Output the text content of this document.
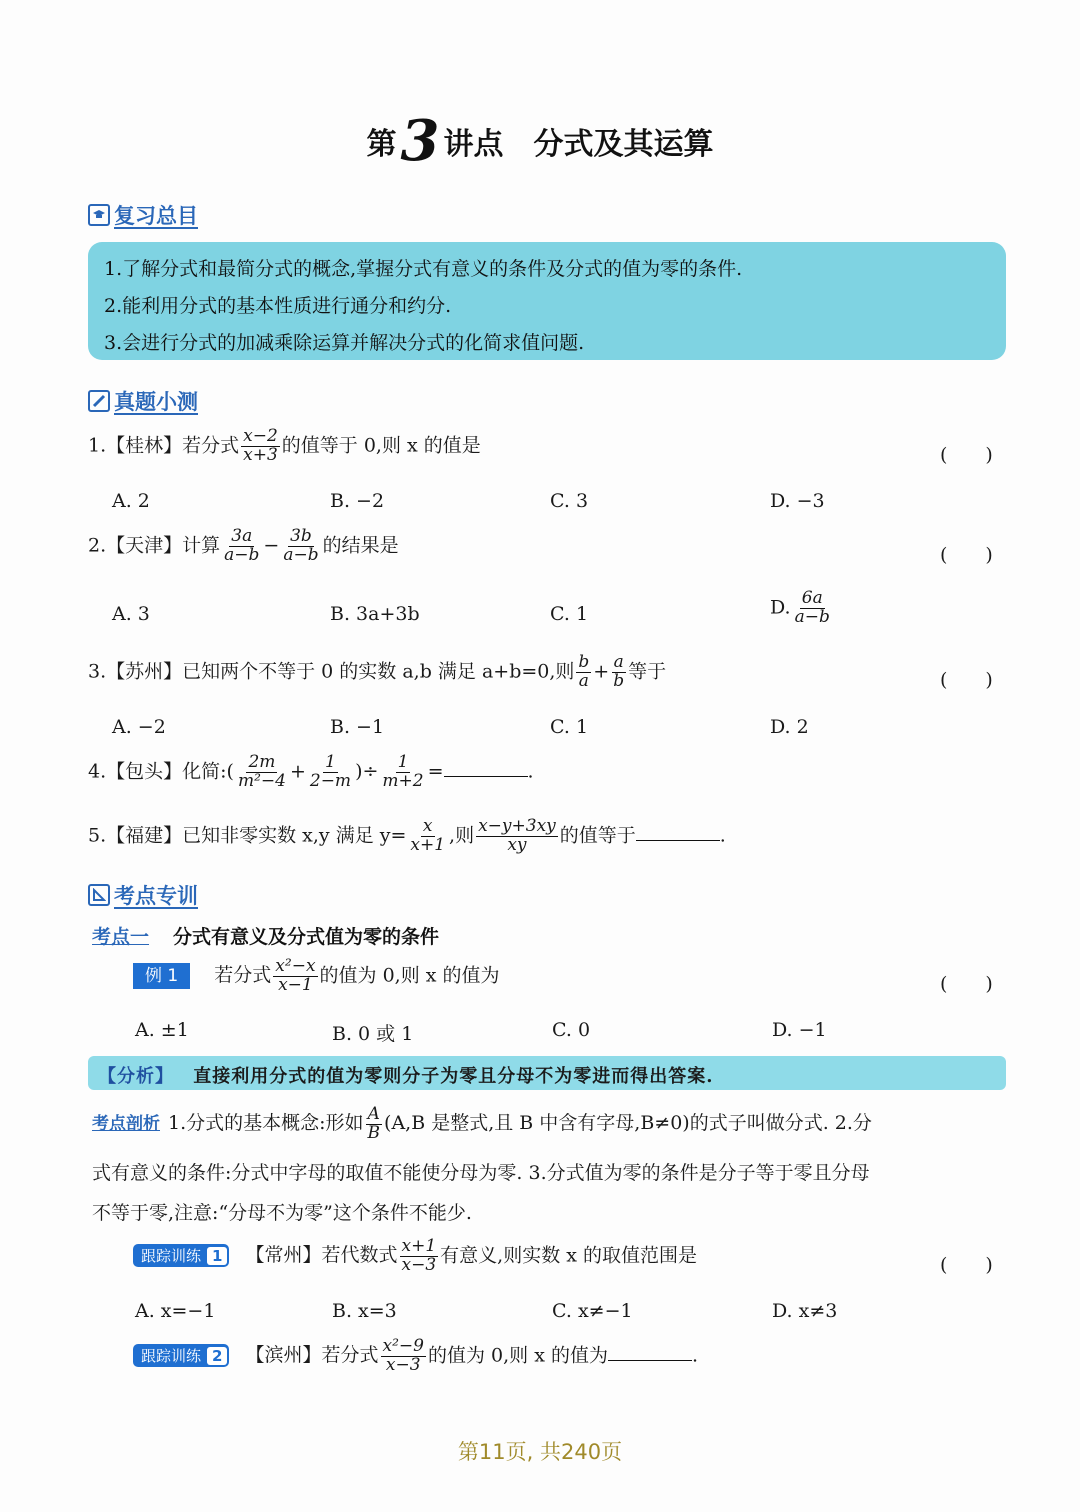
第3 讲点 分式及其运算
复习总目
1.了解分式和最简分式的概念,掌握分式有意义的条件及分式的值为零的条件.
2.能利用分式的基本性质进行通分和约分.
3.会进行分式的加减乘除运算并解决分式的化简求值问题.
真题小测
1.【桂林】若分式 $\frac{x-2}{x+3}$ 的值等于 0,则 x 的值是	(　　)
A. 2	B. −2	C. 3	D. −3
2.【天津】计算 $\frac{3a}{a-b} - \frac{3b}{a-b}$ 的结果是	(　　)
A. 3	B. 3a+3b	C. 1	D. $\frac{6a}{a-b}$
3.【苏州】已知两个不等于 0 的实数 a,b 满足 a+b=0,则 $\frac{b}{a} + \frac{a}{b}$ 等于	(　　)
A. −2	B. −1	C. 1	D. 2
4.【包头】化简:( $\frac{2m}{\text{m²−4}} + \frac{1}{2-m}$ )÷ $\frac{1}{m+2}$ =	.
5.【福建】已知非零实数 x,y 满足 $y= \frac{x}{x+1}$ ,则 $\frac{x-y+3xy}{xy}$ 的值等于	.
考点专训
考点一 分式有意义及分式值为零的条件
例 1 若分式 $\frac{\text{x²−x}}{x-1}$ 的值为 0,则 x 的值为	(　　)
A. ±1	B. 0 或 1	C. 0	D. −1
【分析】 直接利用分式的值为零则分子为零且分母不为零进而得出答案.
考点剖析 1.分式的基本概念:形如 $\frac{A}{B} (A,B$ 是整式,且 B 中含有字母,B≠0)的式子叫做分式. 2.分
式有意义的条件:分式中字母的取值不能使分母为零. 3.分式值为零的条件是分子等于零且分母
不等于零,注意:“分母不为零”这个条件不能少.
跟踪训练 1 【常州】若代数式 $\frac{x+1}{x-3}$ 有意义,则实数 x 的取值范围是	(　　)
A. x=−1	B. x=3	C. x≠−1	D. x≠3
跟踪训练 2 【滨州】若分式 $\frac{\text{x²−9}}{x-3}$ 的值为 0,则 x 的值为	.
第11页, 共240页
